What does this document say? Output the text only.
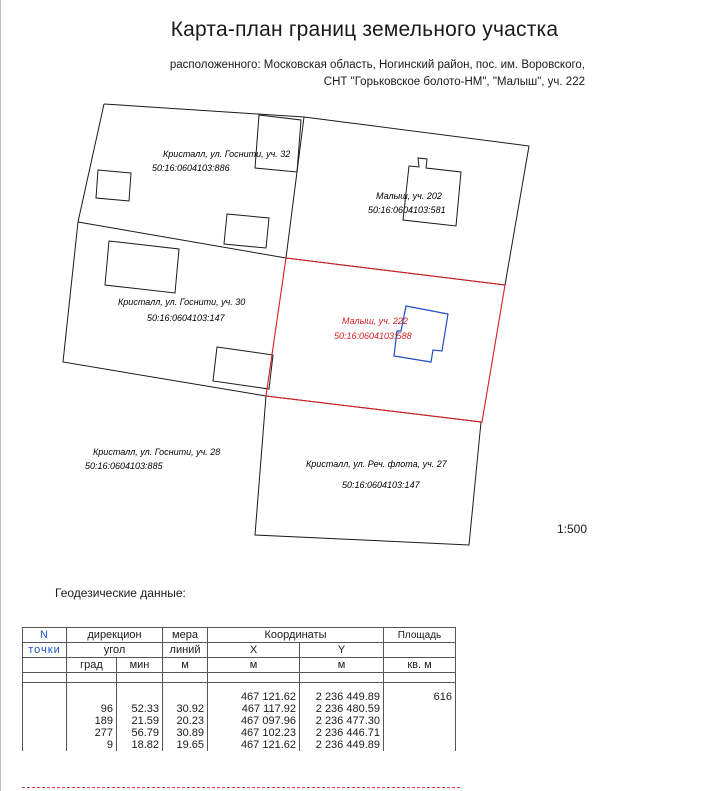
Карта-план границ земельного участка
расположенного: Московская область, Ногинский район, пос. им. Воровского,
СНТ "Горьковское болото-НМ", "Малыш", уч. 222
Кристалл, ул. Госнити, уч. 32
50:16:0604103:886
Малыш, уч. 202
50:16:0604103:581
Кристалл, ул. Госнити, уч. 30
50:16:0604103:147	Малыш, уч. 222
50:16:0604103:588
Кристалл, ул. Госнити, уч. 28
50:16:0604103:885	Кристалл, ул. Реч. флота, уч. 27
50:16:0604103:147
1:500
Геодезические данные:
N	дирекцион		мера	Координаты		Площадь
точки	угол		линий	X	Y	
	град	мин	м	м	м	кв. м

				467 121.62	2 236 449.89	616
	96	52.33	30.92	467 117.92	2 236 480.59	
	189	21.59	20.23	467 097.96	2 236 477.30	
	277	56.79	30.89	467 102.23	2 236 446.71	
	9	18.82	19.65	467 121.62	2 236 449.89	
